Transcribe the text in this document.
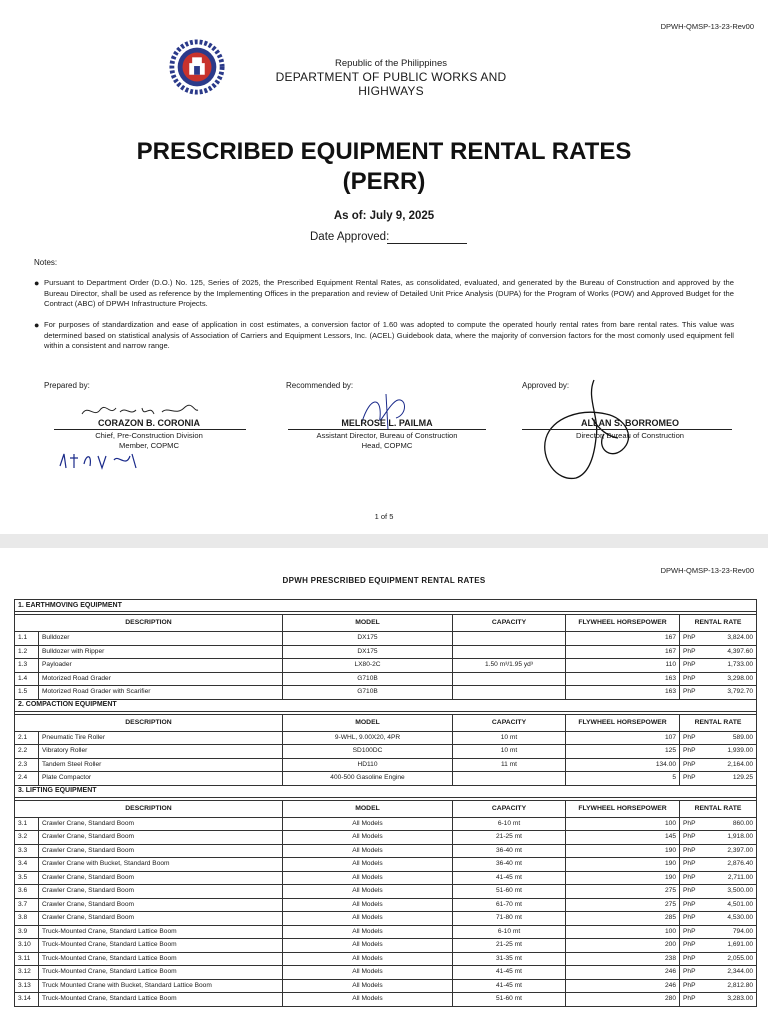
DPWH-QMSP-13-23-Rev00
Republic of the Philippines
DEPARTMENT OF PUBLIC WORKS AND HIGHWAYS
PRESCRIBED EQUIPMENT RENTAL RATES
(PERR)
As of: July 9, 2025
Date Approved:
Notes:
● Pursuant to Department Order (D.O.) No. 125, Series of 2025, the Prescribed Equipment Rental Rates, as consolidated, evaluated, and generated by the Bureau of Construction and approved by the Bureau Director, shall be used as reference by the Implementing Offices in the preparation and review of Detailed Unit Price Analysis (DUPA) for the Program of Works (POW) and Approved Budget for the Contract (ABC) of DPWH Infrastructure Projects.
● For purposes of standardization and ease of application in cost estimates, a conversion factor of 1.60 was adopted to compute the operated hourly rental rates from bare rental rates. This value was determined based on statistical analysis of Association of Carriers and Equipment Lessors, Inc. (ACEL) Guidebook data, where the majority of conversion factors for the most comonly used equipment fell within a consistent and narrow range.
Prepared by:
CORAZON B. CORONIA
Chief, Pre-Construction Division
Member, COPMC
Recommended by:
MELROSE L. PAILMA
Assistant Director, Bureau of Construction
Head, COPMC
Approved by:
ALLAN S. BORROMEO
Director, Bureau of Construction
1 of 5
DPWH-QMSP-13-23-Rev00
DPWH PRESCRIBED EQUIPMENT RENTAL RATES
1. EARTHMOVING EQUIPMENT						

DESCRIPTION		MODEL	CAPACITY	FLYWHEEL HORSEPOWER	RENTAL RATE	
1.1	Bulldozer	DX175		167	PhP	3,824.00
1.2	Bulldozer with Ripper	DX175		167	PhP	4,397.60
1.3	Payloader	LX80-2C	1.50 m³/1.95 yd³	110	PhP	1,733.00
1.4	Motorized Road Grader	G710B		163	PhP	3,298.00
1.5	Motorized Road Grader with Scarifier	G710B		163	PhP	3,792.70
2. COMPACTION EQUIPMENT						

DESCRIPTION		MODEL	CAPACITY	FLYWHEEL HORSEPOWER	RENTAL RATE	
2.1	Pneumatic Tire Roller	9-WHL, 9.00X20, 4PR	10 mt	107	PhP	589.00
2.2	Vibratory Roller	SD100DC	10 mt	125	PhP	1,939.00
2.3	Tandem Steel Roller	HD110	11 mt	134.00	PhP	2,164.00
2.4	Plate Compactor	400-500 Gasoline Engine		5	PhP	129.25
3. LIFTING EQUIPMENT						

DESCRIPTION		MODEL	CAPACITY	FLYWHEEL HORSEPOWER	RENTAL RATE	
3.1	Crawler Crane, Standard Boom	All Models	6-10 mt	100	PhP	860.00
3.2	Crawler Crane, Standard Boom	All Models	21-25 mt	145	PhP	1,918.00
3.3	Crawler Crane, Standard Boom	All Models	36-40 mt	190	PhP	2,397.00
3.4	Crawler Crane with Bucket, Standard Boom	All Models	36-40 mt	190	PhP	2,876.40
3.5	Crawler Crane, Standard Boom	All Models	41-45 mt	190	PhP	2,711.00
3.6	Crawler Crane, Standard Boom	All Models	51-60 mt	275	PhP	3,500.00
3.7	Crawler Crane, Standard Boom	All Models	61-70 mt	275	PhP	4,501.00
3.8	Crawler Crane, Standard Boom	All Models	71-80 mt	285	PhP	4,530.00
3.9	Truck-Mounted Crane, Standard Lattice Boom	All Models	6-10 mt	100	PhP	794.00
3.10	Truck-Mounted Crane, Standard Lattice Boom	All Models	21-25 mt	200	PhP	1,691.00
3.11	Truck-Mounted Crane, Standard Lattice Boom	All Models	31-35 mt	238	PhP	2,055.00
3.12	Truck-Mounted Crane, Standard Lattice Boom	All Models	41-45 mt	246	PhP	2,344.00
3.13	Truck Mounted Crane with Bucket, Standard Lattice Boom	All Models	41-45 mt	246	PhP	2,812.80
3.14	Truck-Mounted Crane, Standard Lattice Boom	All Models	51-60 mt	280	PhP	3,283.00
